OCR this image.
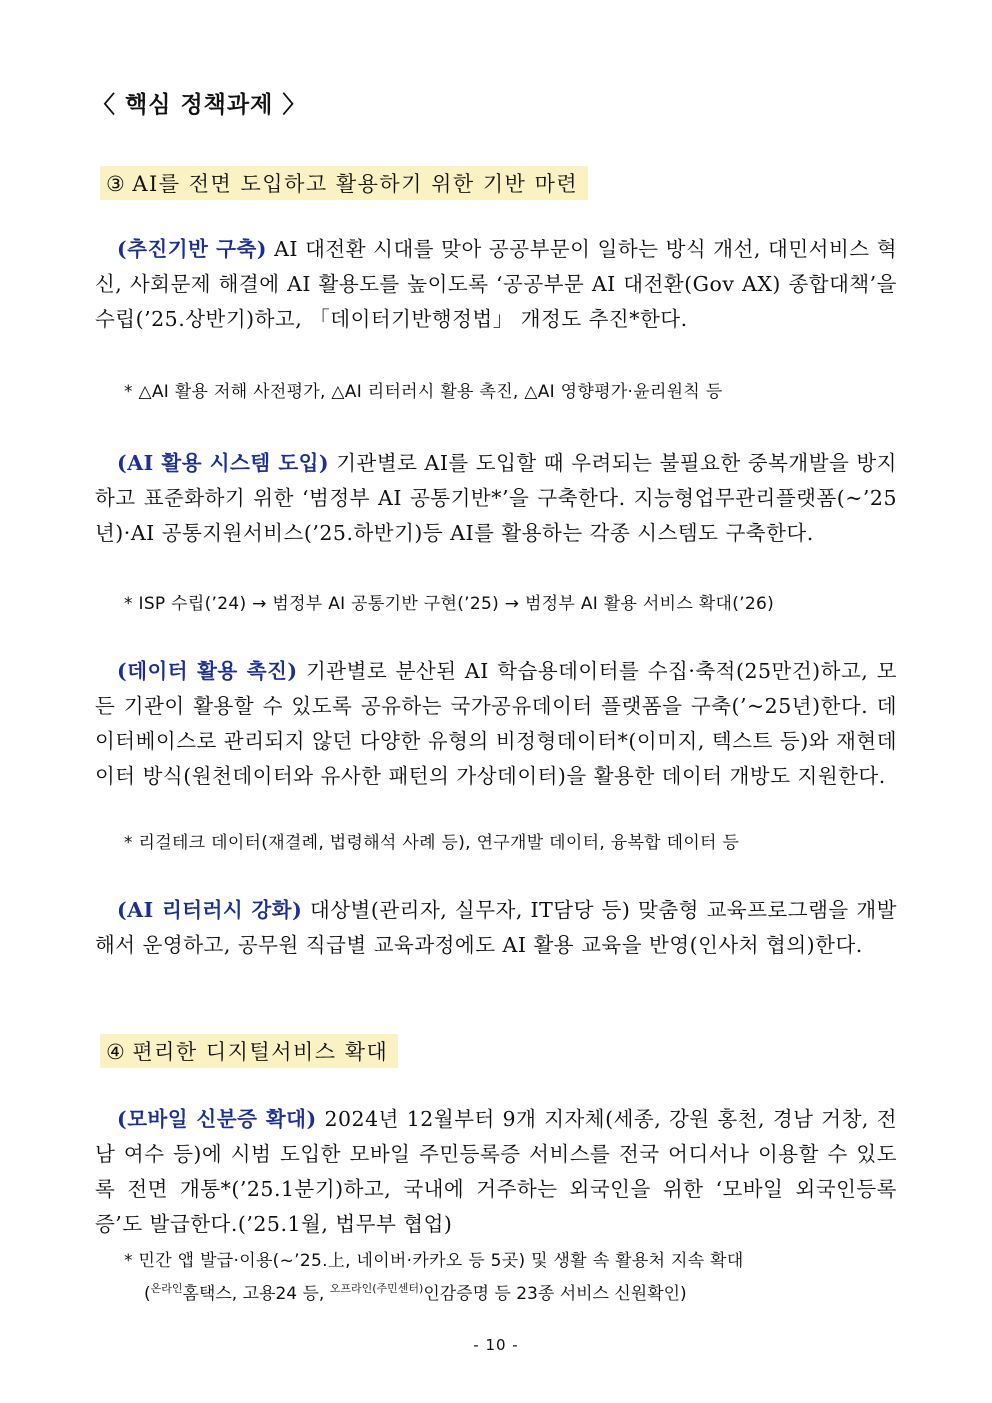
〈 핵심 정책과제 〉
③ AI를 전면 도입하고 활용하기 위한 기반 마련
(추진기반 구축) AI 대전환 시대를 맞아 공공부문이 일하는 방식 개선, 대민서비스 혁신, 사회문제 해결에 AI 활용도를 높이도록 ‘공공부문 AI 대전환(Gov AX) 종합대책’을 수립(’25.상반기)하고, 「데이터기반행정법」 개정도 추진*한다.
* △AI 활용 저해 사전평가, △AI 리터러시 활용 촉진, △AI 영향평가·윤리원칙 등
(AI 활용 시스템 도입) 기관별로 AI를 도입할 때 우려되는 불필요한 중복개발을 방지하고 표준화하기 위한 ‘범정부 AI 공통기반*’을 구축한다. 지능형업무관리플랫폼(~’25년)·AI 공통지원서비스(’25.하반기)등 AI를 활용하는 각종 시스템도 구축한다.
* ISP 수립(’24) → 범정부 AI 공통기반 구현(’25) → 범정부 AI 활용 서비스 확대(’26)
(데이터 활용 촉진) 기관별로 분산된 AI 학습용데이터를 수집·축적(25만건)하고, 모든 기관이 활용할 수 있도록 공유하는 국가공유데이터 플랫폼을 구축(’~25년)한다. 데이터베이스로 관리되지 않던 다양한 유형의 비정형데이터*(이미지, 텍스트 등)와 재현데이터 방식(원천데이터와 유사한 패턴의 가상데이터)을 활용한 데이터 개방도 지원한다.
* 리걸테크 데이터(재결례, 법령해석 사례 등), 연구개발 데이터, 융복합 데이터 등
(AI 리터러시 강화) 대상별(관리자, 실무자, IT담당 등) 맞춤형 교육프로그램을 개발해서 운영하고, 공무원 직급별 교육과정에도 AI 활용 교육을 반영(인사처 협의)한다.
④ 편리한 디지털서비스 확대
(모바일 신분증 확대) 2024년 12월부터 9개 지자체(세종, 강원 홍천, 경남 거창, 전남 여수 등)에 시범 도입한 모바일 주민등록증 서비스를 전국 어디서나 이용할 수 있도록 전면 개통*(’25.1분기)하고, 국내에 거주하는 외국인을 위한 ‘모바일 외국인등록증’도 발급한다.(’25.1월, 법무부 협업)
* 민간 앱 발급·이용(~’25.上, 네이버·카카오 등 5곳) 및 생활 속 활용처 지속 확대
($^{온라인}$홈택스, 고용24 등, $^{오프라인(주민센터)}$인감증명 등 23종 서비스 신원확인)
- 10 -
